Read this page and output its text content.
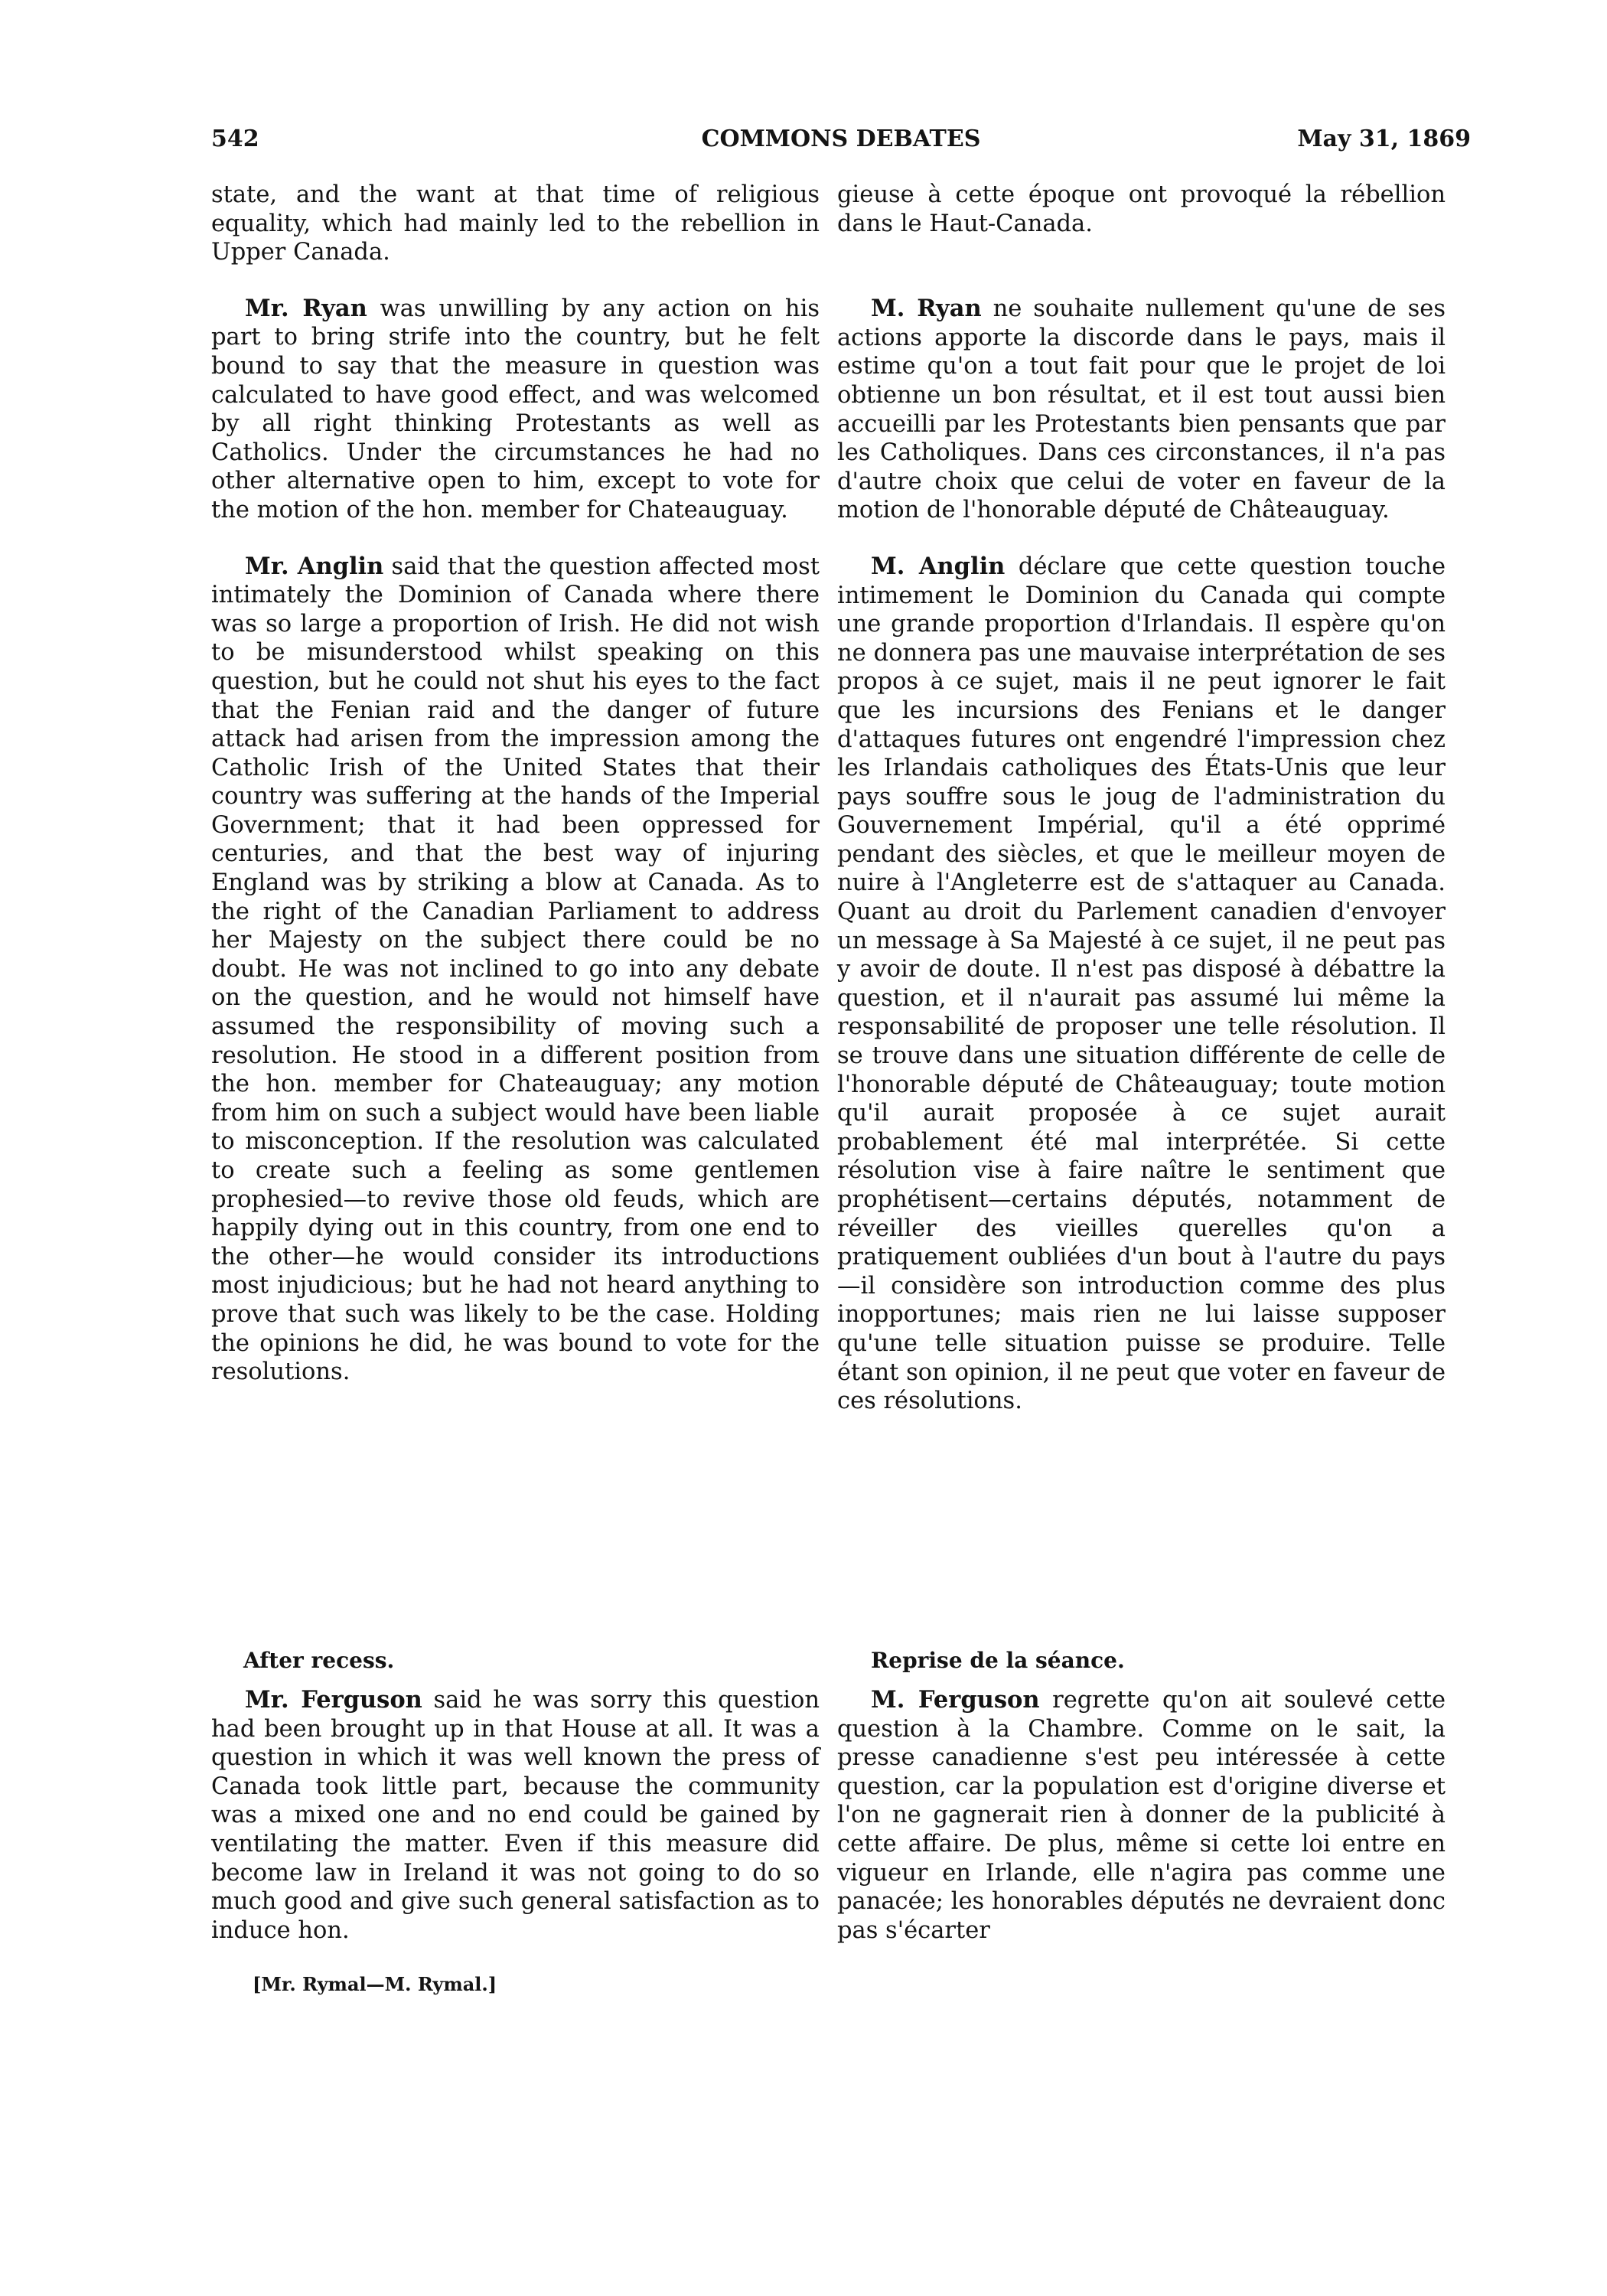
542	COMMONS DEBATES	May 31, 1869

state, and the want at that time of religious equality, which had mainly led to the rebellion in Upper Canada.

Mr. Ryan was unwilling by any action on his part to bring strife into the country, but he felt bound to say that the measure in question was calculated to have good effect, and was welcomed by all right thinking Protestants as well as Catholics. Under the circumstances he had no other alternative open to him, except to vote for the motion of the hon. member for Chateauguay.

Mr. Anglin said that the question affected most intimately the Dominion of Canada where there was so large a proportion of Irish. He did not wish to be misunderstood whilst speaking on this question, but he could not shut his eyes to the fact that the Fenian raid and the danger of future attack had arisen from the impression among the Catholic Irish of the United States that their country was suffering at the hands of the Imperial Government; that it had been oppressed for centuries, and that the best way of injuring England was by striking a blow at Canada. As to the right of the Canadian Parliament to address her Majesty on the subject there could be no doubt. He was not inclined to go into any debate on the question, and he would not himself have assumed the responsibility of moving such a resolution. He stood in a different position from the hon. member for Chateauguay; any motion from him on such a subject would have been liable to misconception. If the resolution was calculated to create such a feeling as some gentlemen prophesied—to revive those old feuds, which are happily dying out in this country, from one end to the other—he would consider its introductions most injudicious; but he had not heard anything to prove that such was likely to be the case. Holding the opinions he did, he was bound to vote for the resolutions.

gieuse à cette époque ont provoqué la rébellion dans le Haut-Canada.

M. Ryan ne souhaite nullement qu'une de ses actions apporte la discorde dans le pays, mais il estime qu'on a tout fait pour que le projet de loi obtienne un bon résultat, et il est tout aussi bien accueilli par les Protestants bien pensants que par les Catholiques. Dans ces circonstances, il n'a pas d'autre choix que celui de voter en faveur de la motion de l'honorable député de Châteauguay.

M. Anglin déclare que cette question touche intimement le Dominion du Canada qui compte une grande proportion d'Irlandais. Il espère qu'on ne donnera pas une mauvaise interprétation de ses propos à ce sujet, mais il ne peut ignorer le fait que les incursions des Fenians et le danger d'attaques futures ont engendré l'impression chez les Irlandais catholiques des États-Unis que leur pays souffre sous le joug de l'administration du Gouvernement Impérial, qu'il a été opprimé pendant des siècles, et que le meilleur moyen de nuire à l'Angleterre est de s'attaquer au Canada. Quant au droit du Parlement canadien d'envoyer un message à Sa Majesté à ce sujet, il ne peut pas y avoir de doute. Il n'est pas disposé à débattre la question, et il n'aurait pas assumé lui même la responsabilité de proposer une telle résolution. Il se trouve dans une situation différente de celle de l'honorable député de Châteauguay; toute motion qu'il aurait proposée à ce sujet aurait probablement été mal interprétée. Si cette résolution vise à faire naître le sentiment que prophétisent—certains députés, notamment de réveiller des vieilles querelles qu'on a pratiquement oubliées d'un bout à l'autre du pays —il considère son introduction comme des plus inopportunes; mais rien ne lui laisse supposer qu'une telle situation puisse se produire. Telle étant son opinion, il ne peut que voter en faveur de ces résolutions.

After recess.	Reprise de la séance.

Mr. Ferguson said he was sorry this question had been brought up in that House at all. It was a question in which it was well known the press of Canada took little part, because the community was a mixed one and no end could be gained by ventilating the matter. Even if this measure did become law in Ireland it was not going to do so much good and give such general satisfaction as to induce hon.

M. Ferguson regrette qu'on ait soulevé cette question à la Chambre. Comme on le sait, la presse canadienne s'est peu intéressée à cette question, car la population est d'origine diverse et l'on ne gagnerait rien à donner de la publicité à cette affaire. De plus, même si cette loi entre en vigueur en Irlande, elle n'agira pas comme une panacée; les honorables députés ne devraient donc pas s'écarter

[Mr. Rymal—M. Rymal.]
